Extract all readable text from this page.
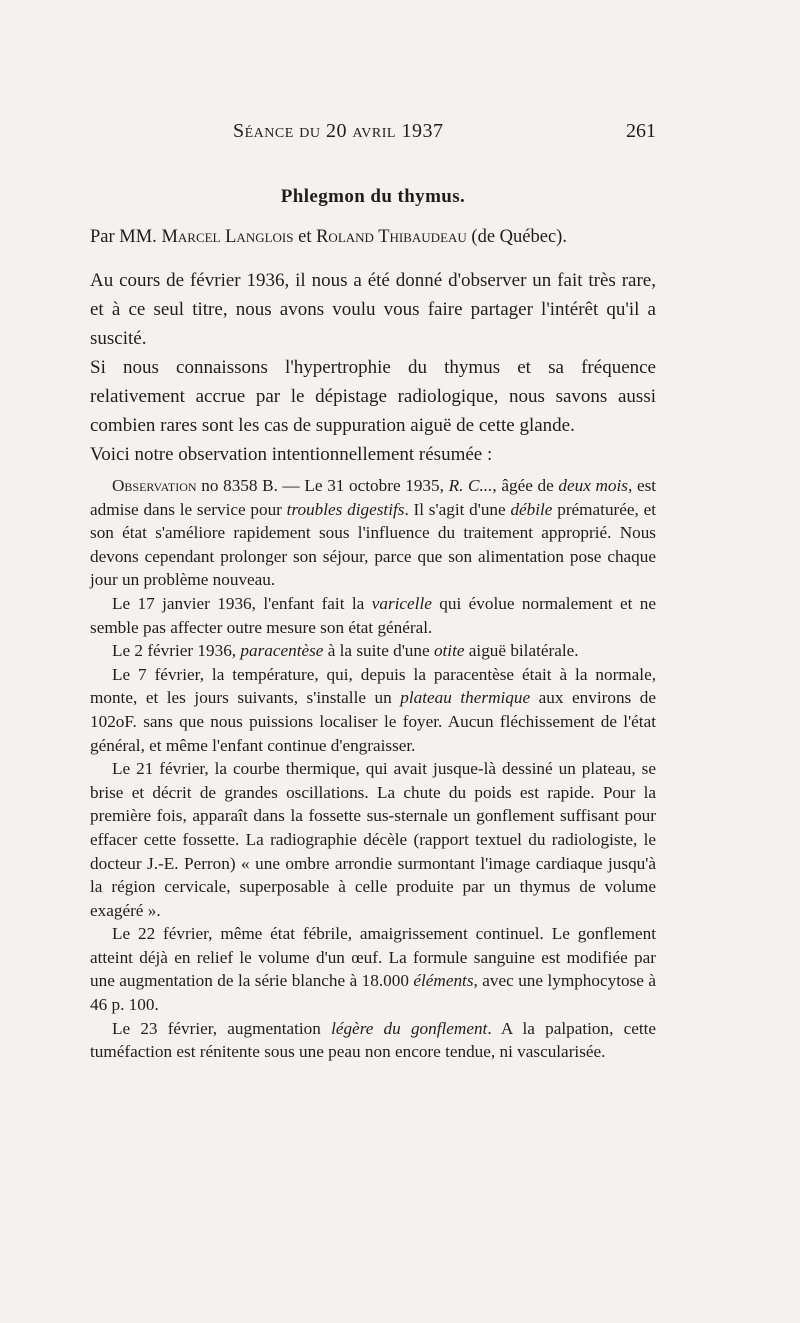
Séance du 20 avril 1937	261
Phlegmon du thymus.
Par MM. Marcel Langlois et Roland Thibaudeau (de Québec).

Au cours de février 1936, il nous a été donné d'observer un fait très rare, et à ce seul titre, nous avons voulu vous faire partager l'intérêt qu'il a suscité.

Si nous connaissons l'hypertrophie du thymus et sa fréquence relativement accrue par le dépistage radiologique, nous savons aussi combien rares sont les cas de suppuration aiguë de cette glande.

Voici notre observation intentionnellement résumée :

Observation no 8358 B. — Le 31 octobre 1935, R. C..., âgée de deux mois, est admise dans le service pour troubles digestifs. Il s'agit d'une débile prématurée, et son état s'améliore rapidement sous l'influence du traitement approprié. Nous devons cependant prolonger son séjour, parce que son alimentation pose chaque jour un problème nouveau.

Le 17 janvier 1936, l'enfant fait la varicelle qui évolue normalement et ne semble pas affecter outre mesure son état général.

Le 2 février 1936, paracentèse à la suite d'une otite aiguë bilatérale.

Le 7 février, la température, qui, depuis la paracentèse était à la normale, monte, et les jours suivants, s'installe un plateau thermique aux environs de 102oF. sans que nous puissions localiser le foyer. Aucun fléchissement de l'état général, et même l'enfant continue d'engraisser.

Le 21 février, la courbe thermique, qui avait jusque-là dessiné un plateau, se brise et décrit de grandes oscillations. La chute du poids est rapide. Pour la première fois, apparaît dans la fossette sus-sternale un gonflement suffisant pour effacer cette fossette. La radiographie décèle (rapport textuel du radiologiste, le docteur J.-E. Perron) « une ombre arrondie surmontant l'image cardiaque jusqu'à la région cervicale, superposable à celle produite par un thymus de volume exagéré ».

Le 22 février, même état fébrile, amaigrissement continuel. Le gonflement atteint déjà en relief le volume d'un œuf. La formule sanguine est modifiée par une augmentation de la série blanche à 18.000 éléments, avec une lymphocytose à 46 p. 100.

Le 23 février, augmentation légère du gonflement. A la palpation, cette tuméfaction est rénitente sous une peau non encore tendue, ni vascularisée.
